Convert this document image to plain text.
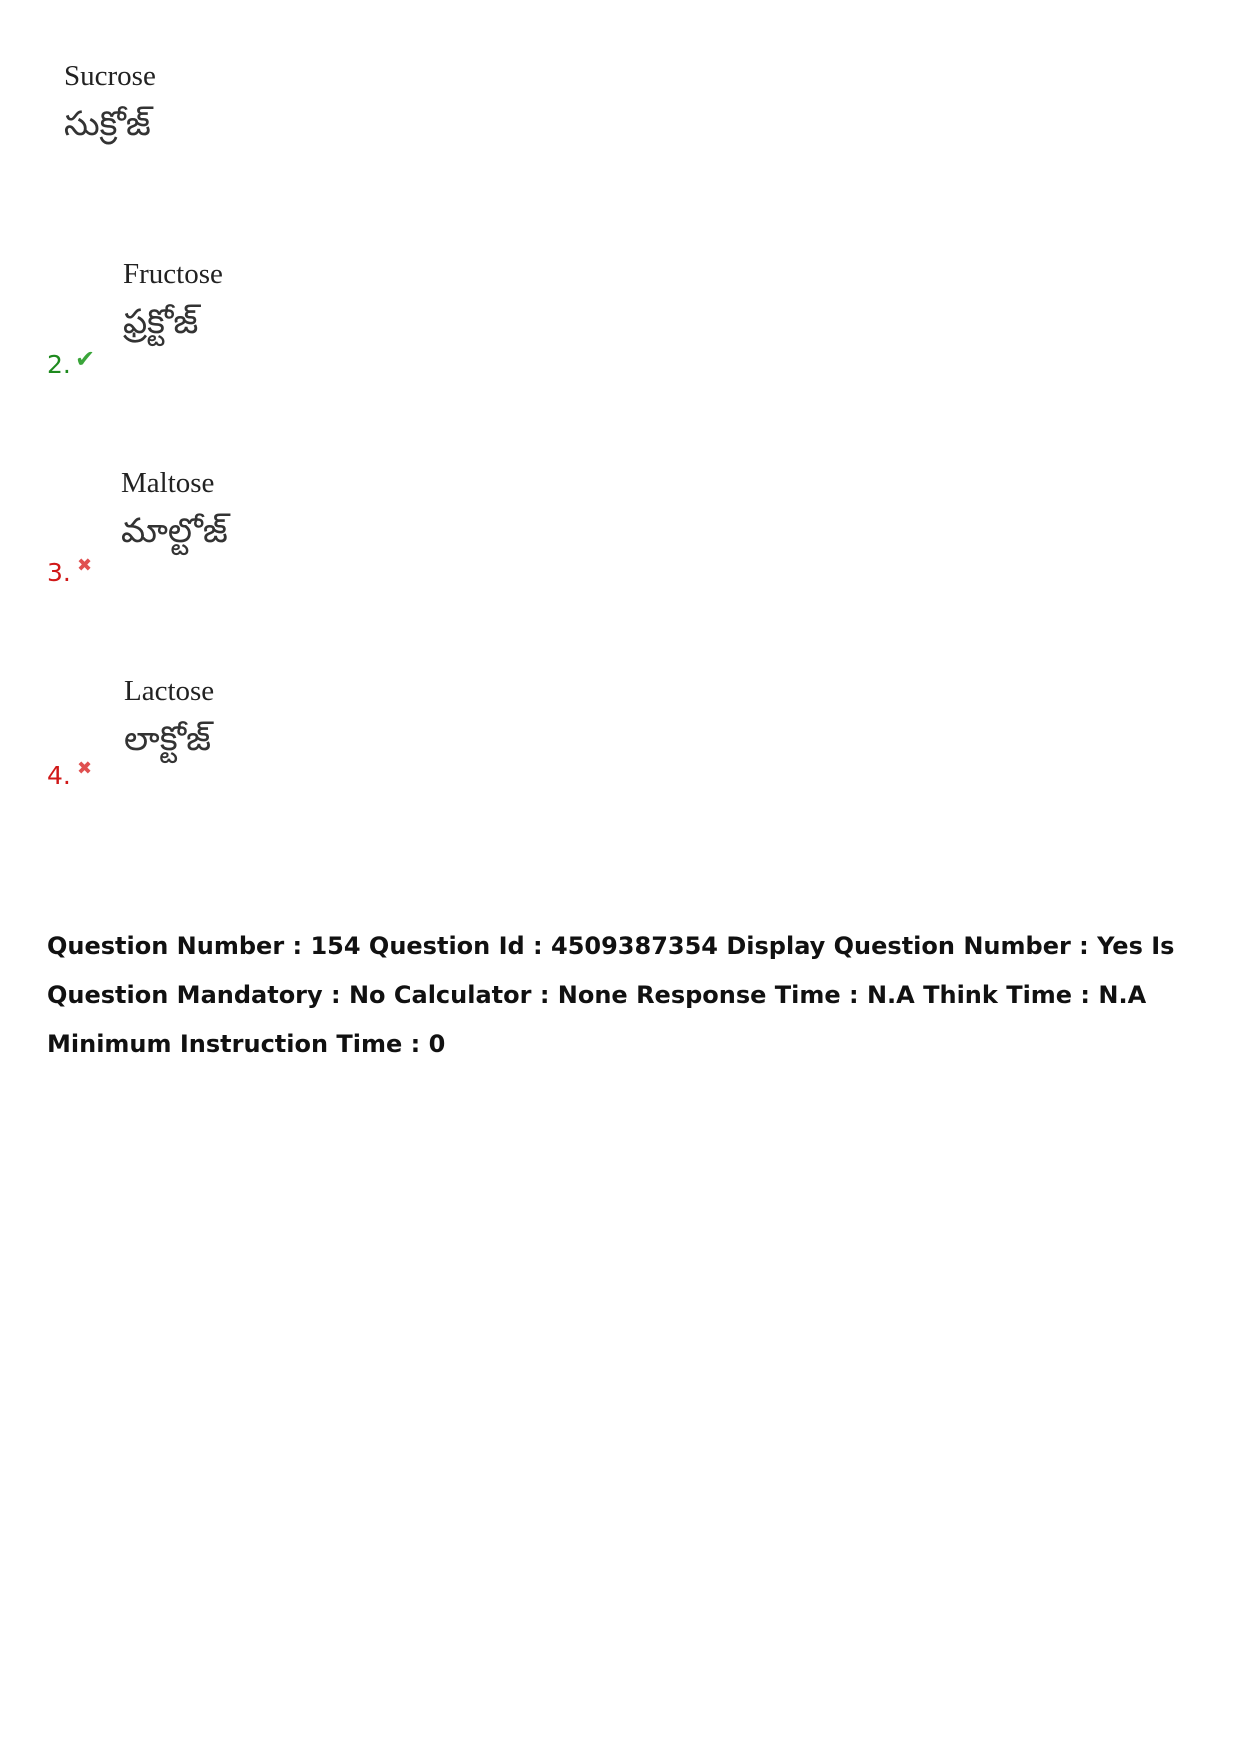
Sucrose
సుక్రోజ్
2. ✔
Fructose
ఫ్రక్టోజ్
3. ✖
Maltose
మాల్టోజ్
4. ✖
Lactose
లాక్టోజ్
Question Number : 154 Question Id : 4509387354 Display Question Number : Yes Is Question Mandatory : No Calculator : None Response Time : N.A Think Time : N.A Minimum Instruction Time : 0
